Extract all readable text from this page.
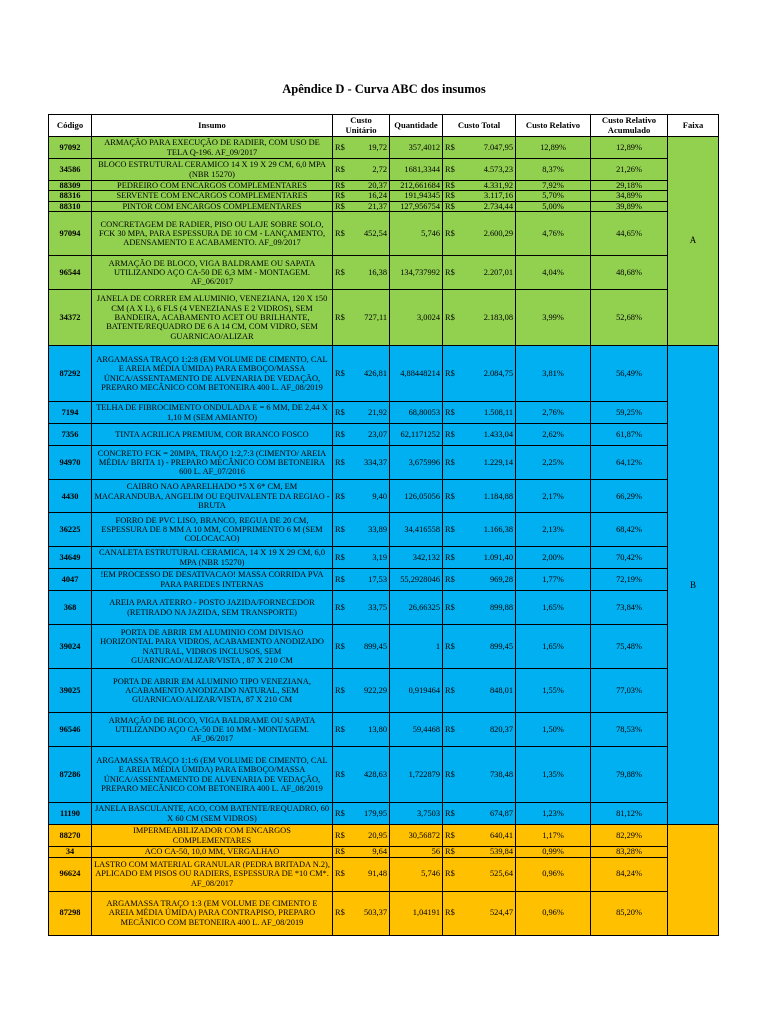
Apêndice D - Curva ABC dos insumos
Código	Insumo	Custo Unitário		Quantidade	Custo Total		Custo Relativo	Custo Relativo Acumulado	Faixa
97092	ARMAÇÃO PARA EXECUÇÃO DE RADIER, COM USO DE TELA Q-196. AF_09/2017	R$	19,72	357,4012	R$	7.047,95	12,89%	12,89%	A
34586	BLOCO ESTRUTURAL CERAMICO 14 X 19 X 29 CM, 6,0 MPA (NBR 15270)	R$	2,72	1681,3344	R$	4.573,23	8,37%	21,26%	
88309	PEDREIRO COM ENCARGOS COMPLEMENTARES	R$	20,37	212,661684	R$	4.331,92	7,92%	29,18%	
88316	SERVENTE COM ENCARGOS COMPLEMENTARES	R$	16,24	191,94345	R$	3.117,16	5,70%	34,89%	
88310	PINTOR COM ENCARGOS COMPLEMENTARES	R$	21,37	127,956754	R$	2.734,44	5,00%	39,89%	
97094	CONCRETAGEM DE RADIER, PISO OU LAJE SOBRE SOLO, FCK 30 MPA, PARA ESPESSURA DE 10 CM - LANÇAMENTO, ADENSAMENTO E ACABAMENTO. AF_09/2017	R$	452,54	5,746	R$	2.600,29	4,76%	44,65%	
96544	ARMAÇÃO DE BLOCO, VIGA BALDRAME OU SAPATA UTILIZANDO AÇO CA-50 DE 6,3 MM - MONTAGEM. AF_06/2017	R$	16,38	134,737992	R$	2.207,01	4,04%	48,68%	
34372	JANELA DE CORRER EM ALUMINIO, VENEZIANA, 120 X 150 CM (A X L), 6 FLS (4 VENEZIANAS E 2 VIDROS), SEM BANDEIRA, ACABAMENTO ACET OU BRILHANTE, BATENTE/REQUADRO DE 6 A 14 CM, COM VIDRO, SEM GUARNICAO/ALIZAR	R$	727,11	3,0024	R$	2.183,08	3,99%	52,68%	
87292	ARGAMASSA TRAÇO 1:2:8 (EM VOLUME DE CIMENTO, CAL E AREIA MÉDIA ÚMIDA) PARA EMBOÇO/MASSA ÚNICA/ASSENTAMENTO DE ALVENARIA DE VEDAÇÃO, PREPARO MECÂNICO COM BETONEIRA 400 L. AF_08/2019	R$	426,81	4,88448214	R$	2.084,75	3,81%	56,49%	B
7194	TELHA DE FIBROCIMENTO ONDULADA E = 6 MM, DE 2,44 X 1,10 M (SEM AMIANTO)	R$	21,92	68,80053	R$	1.508,11	2,76%	59,25%	
7356	TINTA ACRILICA PREMIUM, COR BRANCO FOSCO	R$	23,07	62,1171252	R$	1.433,04	2,62%	61,87%	
94970	CONCRETO FCK = 20MPA, TRAÇO 1:2,7:3 (CIMENTO/ AREIA MÉDIA/ BRITA 1) - PREPARO MECÂNICO COM BETONEIRA 600 L. AF_07/2016	R$	334,37	3,675996	R$	1.229,14	2,25%	64,12%	
4430	CAIBRO NAO APARELHADO *5 X 6* CM, EM MACARANDUBA, ANGELIM OU EQUIVALENTE DA REGIAO - BRUTA	R$	9,40	126,05056	R$	1.184,88	2,17%	66,29%	
36225	FORRO DE PVC LISO, BRANCO, REGUA DE 20 CM, ESPESSURA DE 8 MM A 10 MM, COMPRIMENTO 6 M (SEM COLOCACAO)	R$	33,89	34,416558	R$	1.166,38	2,13%	68,42%	
34649	CANALETA ESTRUTURAL CERAMICA, 14 X 19 X 29 CM, 6,0 MPA (NBR 15270)	R$	3,19	342,132	R$	1.091,40	2,00%	70,42%	
4047	!EM PROCESSO DE DESATIVACAO! MASSA CORRIDA PVA PARA PAREDES INTERNAS	R$	17,53	55,2928046	R$	969,28	1,77%	72,19%	
368	AREIA PARA ATERRO - POSTO JAZIDA/FORNECEDOR (RETIRADO NA JAZIDA, SEM TRANSPORTE)	R$	33,75	26,66325	R$	899,88	1,65%	73,84%	
39024	PORTA DE ABRIR EM ALUMINIO COM DIVISAO HORIZONTAL PARA VIDROS, ACABAMENTO ANODIZADO NATURAL, VIDROS INCLUSOS, SEM GUARNICAO/ALIZAR/VISTA , 87 X 210 CM	R$	899,45	1	R$	899,45	1,65%	75,48%	
39025	PORTA DE ABRIR EM ALUMINIO TIPO VENEZIANA, ACABAMENTO ANODIZADO NATURAL, SEM GUARNICAO/ALIZAR/VISTA, 87 X 210 CM	R$	922,29	0,919464	R$	848,01	1,55%	77,03%	
96546	ARMAÇÃO DE BLOCO, VIGA BALDRAME OU SAPATA UTILIZANDO AÇO CA-50 DE 10 MM - MONTAGEM. AF_06/2017	R$	13,80	59,4468	R$	820,37	1,50%	78,53%	
87286	ARGAMASSA TRAÇO 1:1:6 (EM VOLUME DE CIMENTO, CAL E AREIA MÉDIA ÚMIDA) PARA EMBOÇO/MASSA ÚNICA/ASSENTAMENTO DE ALVENARIA DE VEDAÇÃO, PREPARO MECÂNICO COM BETONEIRA 400 L. AF_08/2019	R$	428,63	1,722879	R$	738,48	1,35%	79,88%	
11190	JANELA BASCULANTE, ACO, COM BATENTE/REQUADRO, 60 X 60 CM (SEM VIDROS)	R$	179,95	3,7503	R$	674,87	1,23%	81,12%	
88270	IMPERMEABILIZADOR COM ENCARGOS COMPLEMENTARES	R$	20,95	30,56872	R$	640,41	1,17%	82,29%	
34	ACO CA-50, 10,0 MM, VERGALHAO	R$	9,64	56	R$	539,84	0,99%	83,28%	
96624	LASTRO COM MATERIAL GRANULAR (PEDRA BRITADA N.2), APLICADO EM PISOS OU RADIERS, ESPESSURA DE *10 CM*. AF_08/2017	R$	91,48	5,746	R$	525,64	0,96%	84,24%	
87298	ARGAMASSA TRAÇO 1:3 (EM VOLUME DE CIMENTO E AREIA MÉDIA ÚMIDA) PARA CONTRAPISO, PREPARO MECÂNICO COM BETONEIRA 400 L. AF_08/2019	R$	503,37	1,04191	R$	524,47	0,96%	85,20%	
